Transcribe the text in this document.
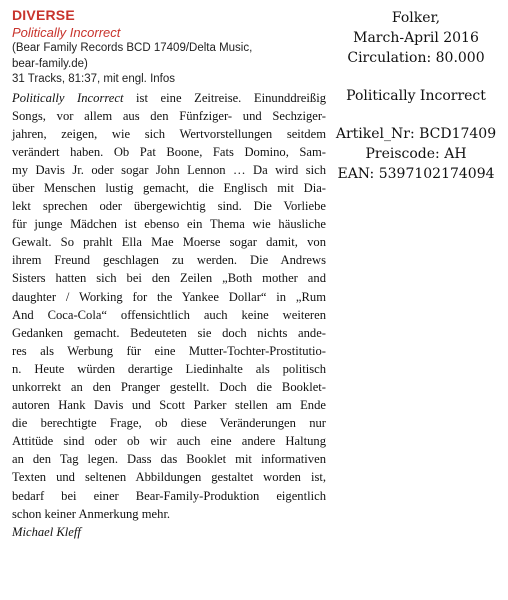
DIVERSE
Politically Incorrect
(Bear Family Records BCD 17409/Delta Music,
bear-family.de)
31 Tracks, 81:37, mit engl. Infos
Politically Incorrect ist eine Zeitreise. Einunddreißig
Songs, vor allem aus den Fünfziger- und Sechziger-
jahren, zeigen, wie sich Wertvorstellungen seitdem
verändert haben. Ob Pat Boone, Fats Domino, Sam-
my Davis Jr. oder sogar John Lennon … Da wird sich
über Menschen lustig gemacht, die Englisch mit Dia-
lekt sprechen oder übergewichtig sind. Die Vorliebe
für junge Mädchen ist ebenso ein Thema wie häusliche
Gewalt. So prahlt Ella Mae Moerse sogar damit, von
ihrem Freund geschlagen zu werden. Die Andrews
Sisters hatten sich bei den Zeilen „Both mother and
daughter / Working for the Yankee Dollar“ in „Rum
And Coca-Cola“ offensichtlich auch keine weiteren
Gedanken gemacht. Bedeuteten sie doch nichts ande-
res als Werbung für eine Mutter-Tochter-Prostitutio-
n. Heute würden derartige Liedinhalte als politisch
unkorrekt an den Pranger gestellt. Doch die Booklet-
autoren Hank Davis und Scott Parker stellen am Ende
die berechtigte Frage, ob diese Veränderungen nur
Attitüde sind oder ob wir auch eine andere Haltung
an den Tag legen. Dass das Booklet mit informativen
Texten und seltenen Abbildungen gestaltet worden ist,
bedarf bei einer Bear-Family-Produktion eigentlich
schon keiner Anmerkung mehr.
Michael Kleff
Folker,
March-April 2016
Circulation: 80.000
Politically Incorrect
Artikel_Nr: BCD17409
Preiscode: AH
EAN: 5397102174094
